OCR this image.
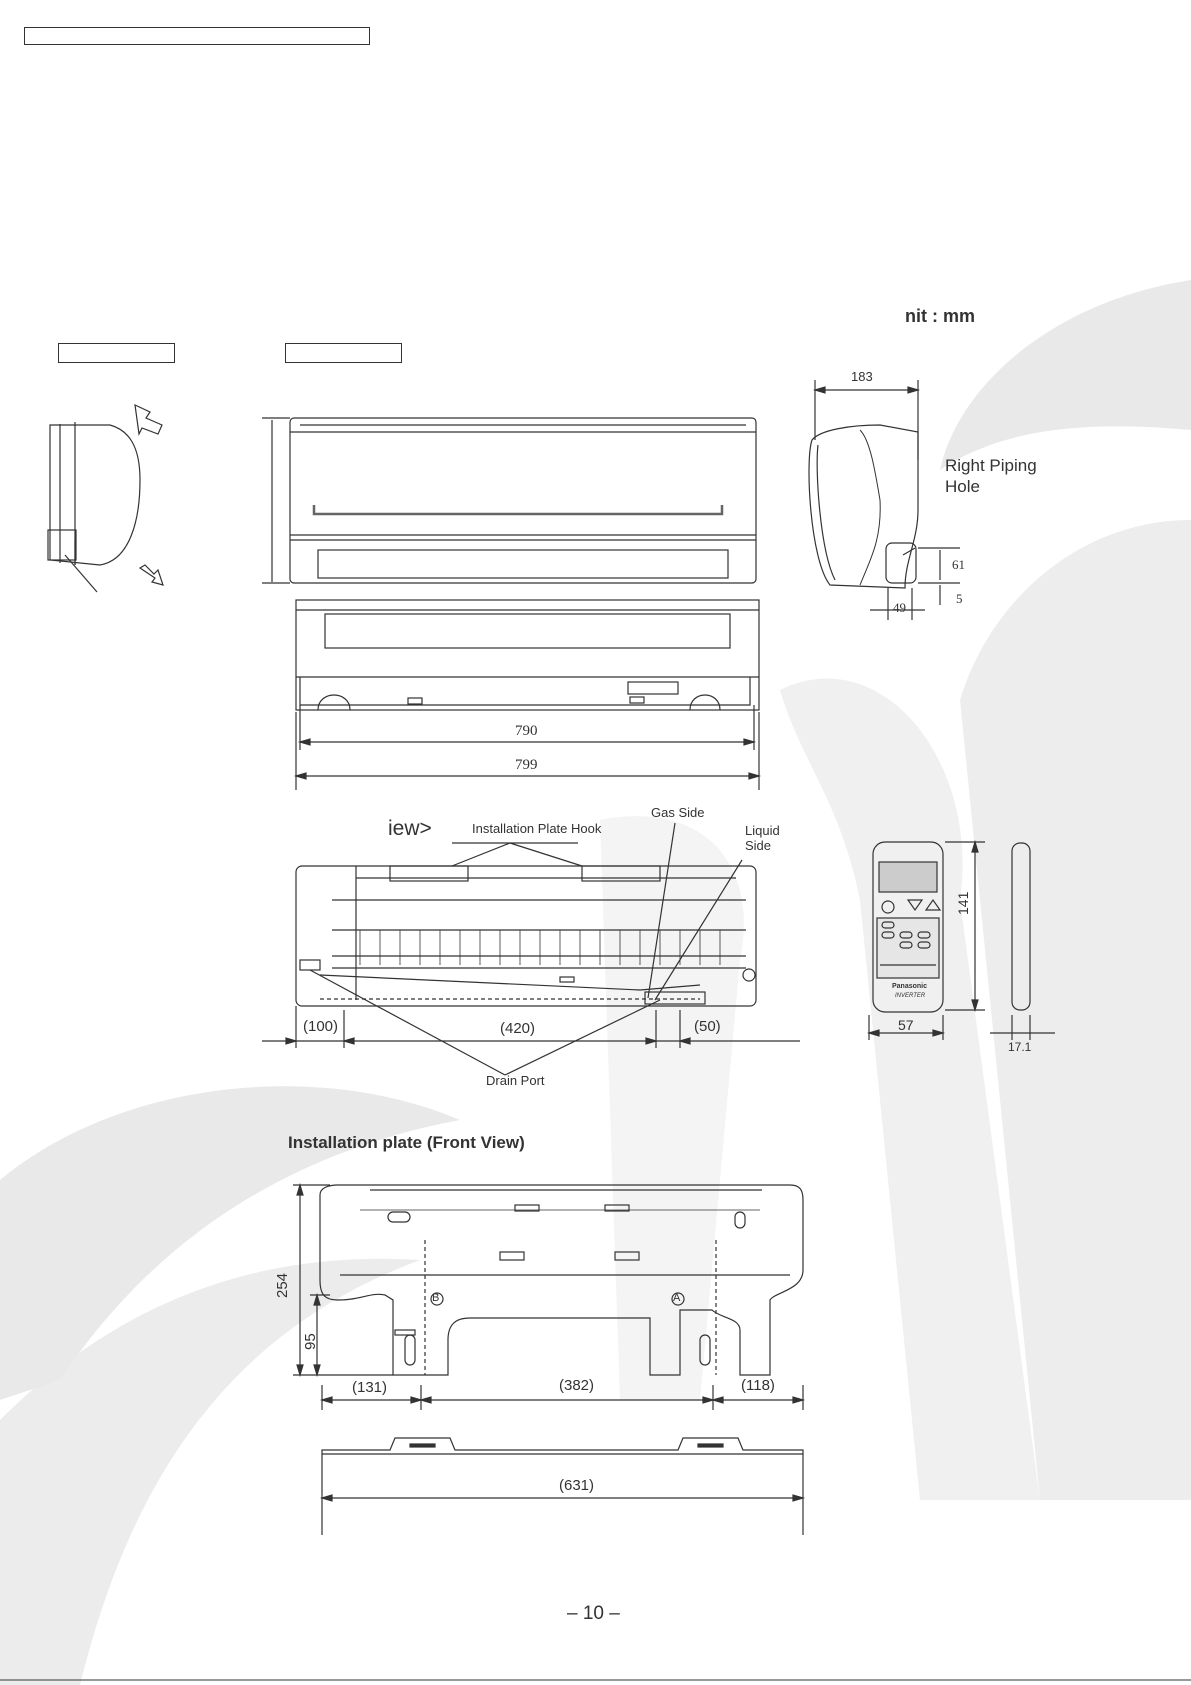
nit : mm
183
Right Piping
Hole
61
5
49
790
799
iew>	Installation Plate Hook
Gas Side
Liquid
Side
(100)	(420)	(50)
Drain Port
Panasonic
INVERTER
141
57
17.1
Installation plate (Front View)
254
95
B	A
(131)	(382)	(118)
(631)
– 10 –
